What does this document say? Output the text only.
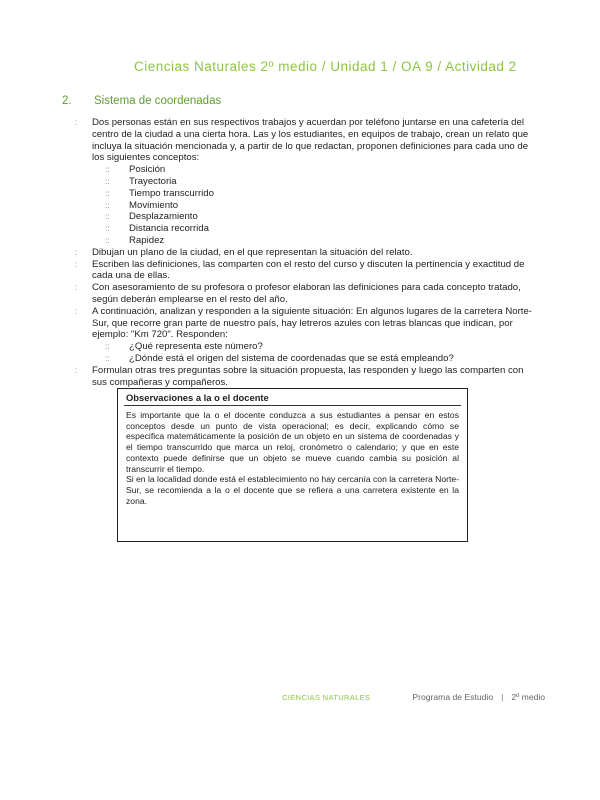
Ciencias Naturales 2º medio / Unidad 1 / OA 9 / Actividad 2
2. Sistema de coordenadas
: Dos personas están en sus respectivos trabajos y acuerdan por teléfono juntarse en una cafetería del centro de la ciudad a una cierta hora. Las y los estudiantes, en equipos de trabajo, crean un relato que incluya la situación mencionada y, a partir de lo que redactan, proponen definiciones para cada uno de los siguientes conceptos:
:: Posición
:: Trayectoria
:: Tiempo transcurrido
:: Movimiento
:: Desplazamiento
:: Distancia recorrida
:: Rapidez
: Dibujan un plano de la ciudad, en el que representan la situación del relato.
: Escriben las definiciones, las comparten con el resto del curso y discuten la pertinencia y exactitud de cada una de ellas.
: Con asesoramiento de su profesora o profesor elaboran las definiciones para cada concepto tratado, según deberán emplearse en el resto del año.
: A continuación, analizan y responden a la siguiente situación: En algunos lugares de la carretera Norte-Sur, que recorre gran parte de nuestro país, hay letreros azules con letras blancas que indican, por ejemplo: "Km 720". Responden:
:: ¿Qué representa este número?
:: ¿Dónde está el origen del sistema de coordenadas que se está empleando?
: Formulan otras tres preguntas sobre la situación propuesta, las responden y luego las comparten con sus compañeras y compañeros.
Observaciones a la o el docente

Es importante que la o el docente conduzca a sus estudiantes a pensar en estos conceptos desde un punto de vista operacional; es decir, explicando cómo se especifica matemáticamente la posición de un objeto en un sistema de coordenadas y el tiempo transcurrido que marca un reloj, cronómetro o calendario; y que en este contexto puede definirse que un objeto se mueve cuando cambia su posición al transcurrir el tiempo.

Si en la localidad donde está el establecimiento no hay cercanía con la carretera Norte-Sur, se recomienda a la o el docente que se refiera a una carretera existente en la zona.

CIENCIAS NATURALES	Programa de Estudio | 2º medio
